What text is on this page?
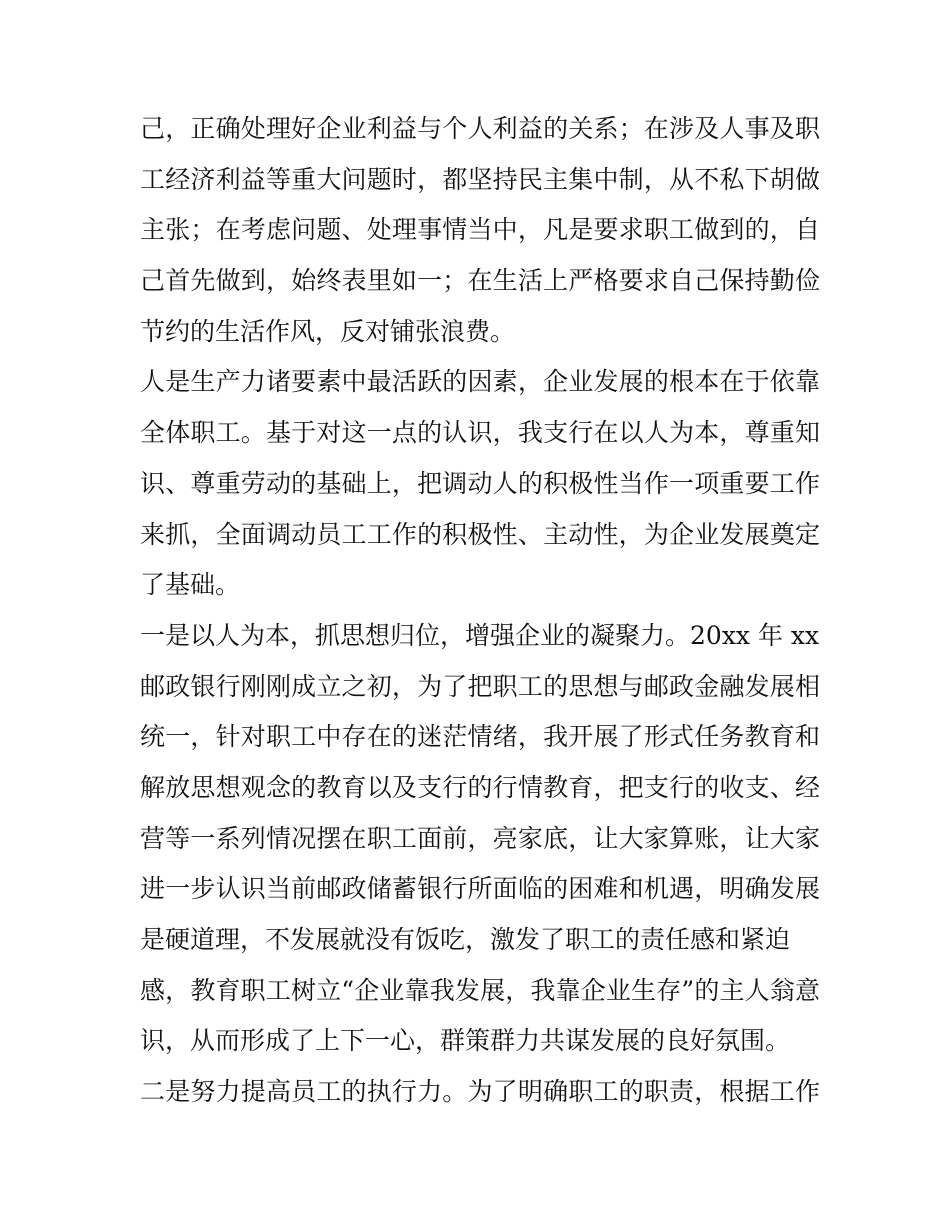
己，正确处理好企业利益与个人利益的关系；在涉及人事及职
工经济利益等重大问题时，都坚持民主集中制，从不私下胡做
主张；在考虑问题、处理事情当中，凡是要求职工做到的，自
己首先做到，始终表里如一；在生活上严格要求自己保持勤俭
节约的生活作风，反对铺张浪费。
人是生产力诸要素中最活跃的因素，企业发展的根本在于依靠
全体职工。基于对这一点的认识，我支行在以人为本，尊重知
识、尊重劳动的基础上，把调动人的积极性当作一项重要工作
来抓，全面调动员工工作的积极性、主动性，为企业发展奠定
了基础。
一是以人为本，抓思想归位，增强企业的凝聚力。20xx 年 xx
邮政银行刚刚成立之初，为了把职工的思想与邮政金融发展相
统一，针对职工中存在的迷茫情绪，我开展了形式任务教育和
解放思想观念的教育以及支行的行情教育，把支行的收支、经
营等一系列情况摆在职工面前，亮家底，让大家算账，让大家
进一步认识当前邮政储蓄银行所面临的困难和机遇，明确发展
是硬道理，不发展就没有饭吃，激发了职工的责任感和紧迫
感，教育职工树立“企业靠我发展，我靠企业生存”的主人翁意
识，从而形成了上下一心，群策群力共谋发展的良好氛围。
二是努力提高员工的执行力。为了明确职工的职责，根据工作
